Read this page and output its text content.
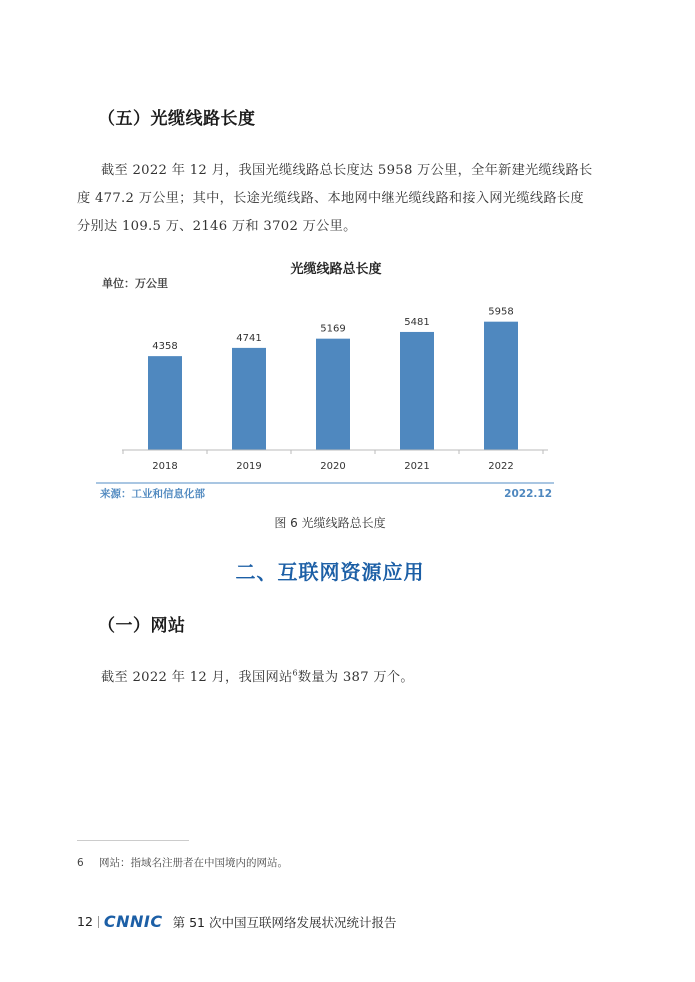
（五）光缆线路长度
截至 2022 年 12 月，我国光缆线路总长度达 5958 万公里，全年新建光缆线路长
度 477.2 万公里；其中，长途光缆线路、本地网中继光缆线路和接入网光缆线路长度
分别达 109.5 万、2146 万和 3702 万公里。
光缆线路总长度
单位：万公里
4358
4741
5169
5481
5958
2018	2019	2020	2021	2022
来源：工业和信息化部	2022.12
图 6 光缆线路总长度
二、互联网资源应用
（一）网站
截至 2022 年 12 月，我国网站$^6$数量为 387 万个。
6 网站：指域名注册者在中国境内的网站。
12 CNNIC 第 51 次中国互联网络发展状况统计报告
